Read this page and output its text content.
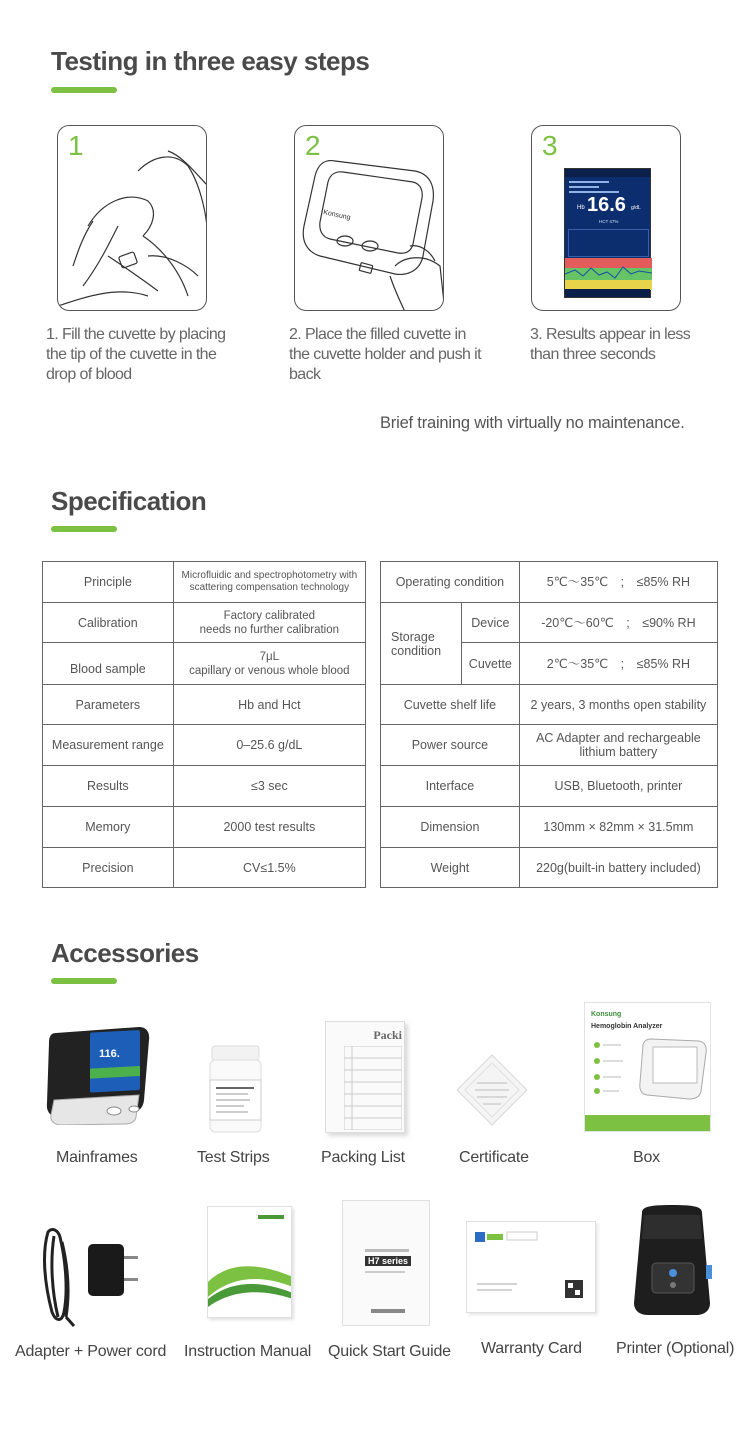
Testing in three easy steps
1	2
Konsung
3
Hb 16.6 g/dL
HCT 47%
1. Fill the cuvette by placing the tip of the cuvette in the drop of blood
2. Place the filled cuvette in the cuvette holder and push it back
3. Results appear in less than three seconds
Brief training with virtually no maintenance.
Specification
Principle	Microfluidic and spectrophotometry with scattering compensation technology
Calibration	Factory calibrated
needs no further calibration

Blood sample	7μL
capillary or venous whole blood

Parameters	Hb and Hct
Measurement range	0–25.6 g/dL
Results	≤3 sec
Memory	2000 test results
Precision	CV≤1.5%
Operating condition		5℃～35℃　;　≤85% RH
Storage condition	Device	-20℃～60℃　;　≤90% RH
	Cuvette	2℃～35℃　;　≤85% RH
Cuvette shelf life		2 years, 3 months open stability
Power source		AC Adapter and rechargeable lithium battery
Interface		USB, Bluetooth, printer
Dimension		130mm × 82mm × 31.5mm
Weight		220g(built-in battery included)
Accessories
116.
Mainframes	Test Strips
Packi
Packing List	Certificate
Konsung
Hemoglobin Analyzer
Box
Adapter + Power cord Instruction Manual
H7 series
Quick Start Guide Warranty Card Printer (Optional)
